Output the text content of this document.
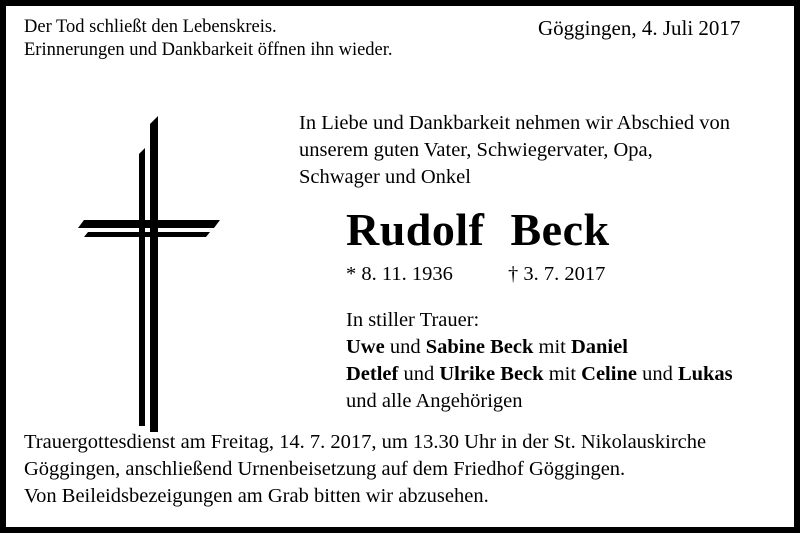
Der Tod schließt den Lebenskreis.
Erinnerungen und Dankbarkeit öffnen ihn wieder.
Göggingen, 4. Juli 2017
In Liebe und Dankbarkeit nehmen wir Abschied von
unserem guten Vater, Schwiegervater, Opa,
Schwager und Onkel
Rudolf Beck
* 8. 11. 1936	† 3. 7. 2017
In stiller Trauer:
Uwe und Sabine Beck mit Daniel
Detlef und Ulrike Beck mit Celine und Lukas
und alle Angehörigen
Trauergottesdienst am Freitag, 14. 7. 2017, um 13.30 Uhr in der St. Nikolauskirche
Göggingen, anschließend Urnenbeisetzung auf dem Friedhof Göggingen.
Von Beileidsbezeigungen am Grab bitten wir abzusehen.
